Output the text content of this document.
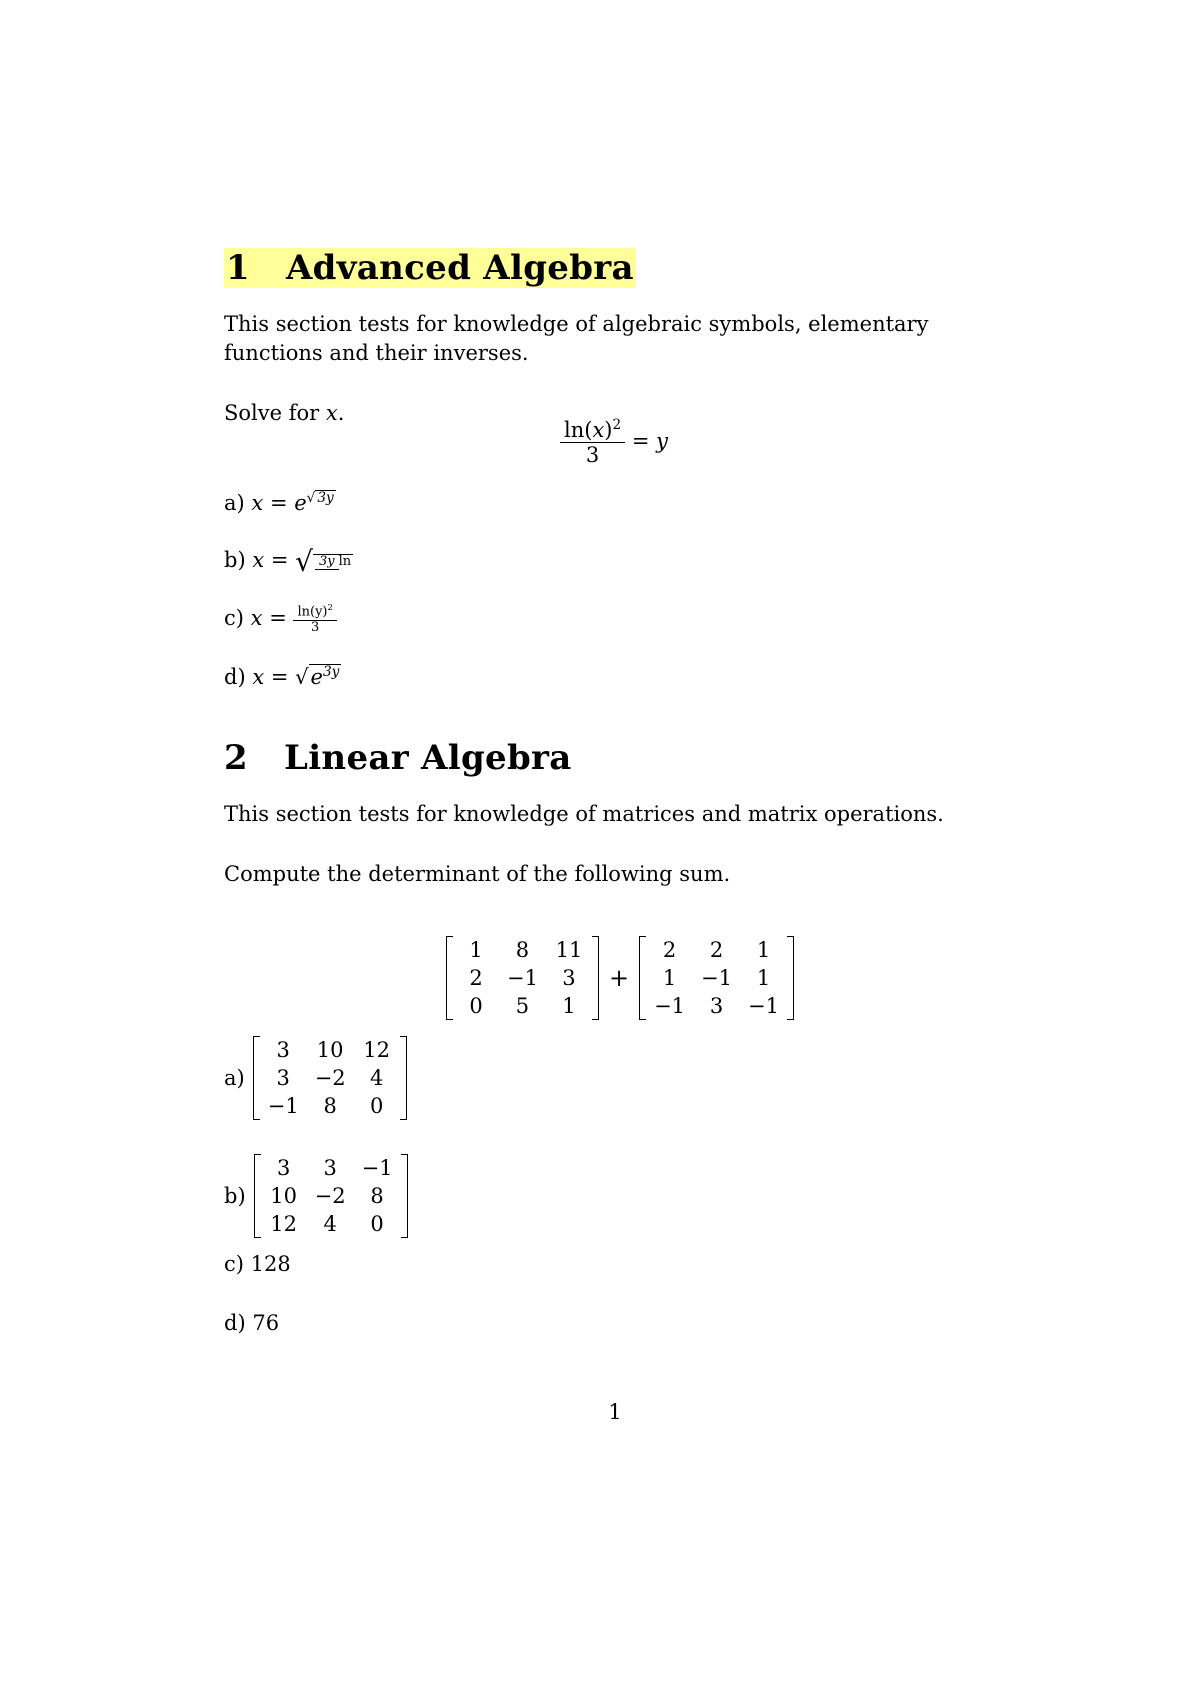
1 Advanced Algebra
This section tests for knowledge of algebraic symbols, elementary functions and their inverses.
Solve for x.
$\frac{\ln(x)^2}{3} = y$
a) $x = e^{√ 3y}$
b) x = √ 3y ln
c) $x = \frac{\ln(y)^2}{3}$
d) $x = √e^{3y}$
2 Linear Algebra
This section tests for knowledge of matrices and matrix operations.
Compute the determinant of the following sum.
1	8	11
2	−1	3
0	5	1
+
2	2	1
1	−1	1
−1	3	−1
a)
3	10	12
3	−2	4
−1	8	0
b)
3	3	−1
10	−2	8
12	4	0
c) 128
d) 76
1
